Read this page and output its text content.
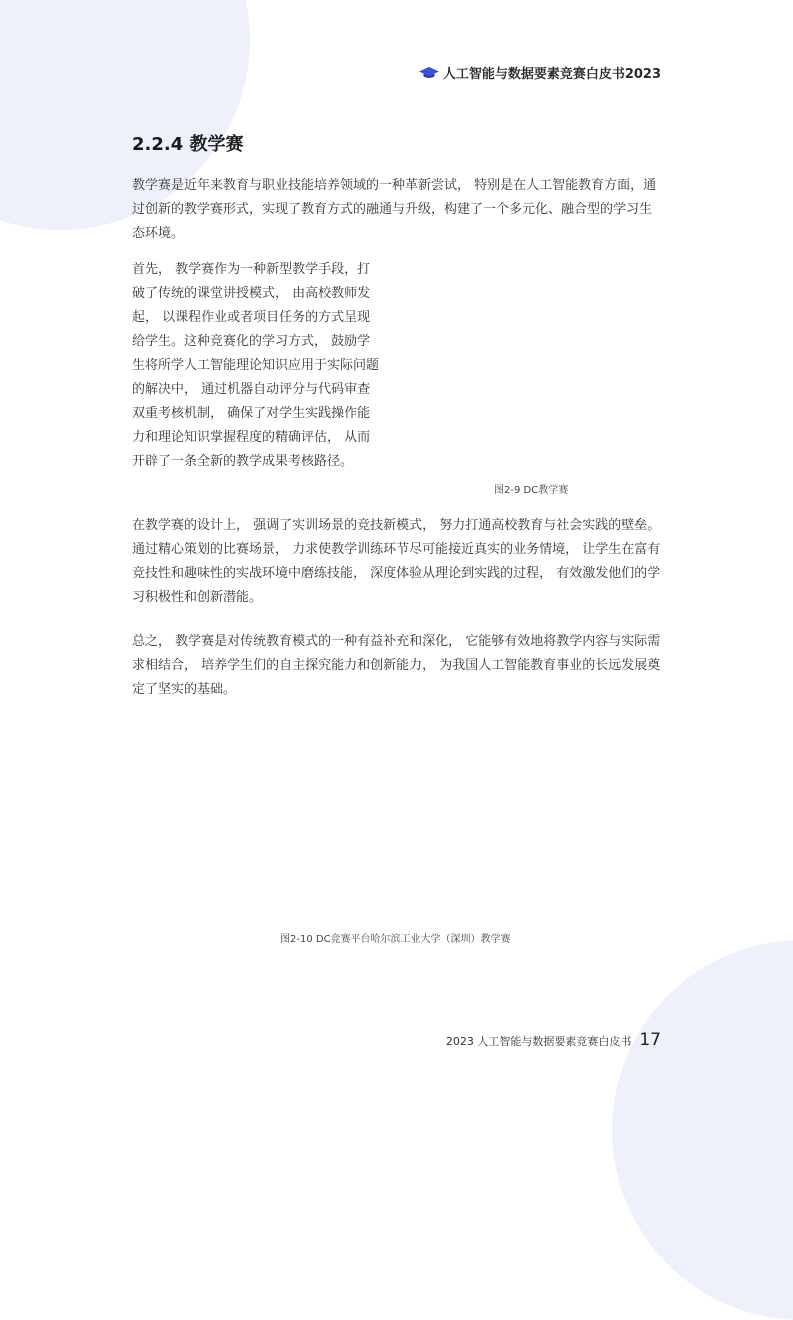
人工智能与数据要素竞赛白皮书2023
2.2.4 教学赛

教学赛是近年来教育与职业技能培养领域的一种革新尝试， 特别是在人工智能教育方面，通过创新的教学赛形式，实现了教育方式的融通与升级，构建了一个多元化、融合型的学习生态环境。

首先， 教学赛作为一种新型教学手段，打破了传统的课堂讲授模式， 由高校教师发起， 以课程作业或者项目任务的方式呈现给学生。这种竞赛化的学习方式， 鼓励学生将所学人工智能理论知识应用于实际问题的解决中， 通过机器自动评分与代码审查双重考核机制， 确保了对学生实践操作能力和理论知识掌握程度的精确评估， 从而开辟了一条全新的教学成果考核路径。

图2-9 DC教学赛

在教学赛的设计上， 强调了实训场景的竞技新模式， 努力打通高校教育与社会实践的壁垒。通过精心策划的比赛场景， 力求使教学训练环节尽可能接近真实的业务情境， 让学生在富有竞技性和趣味性的实战环境中磨练技能， 深度体验从理论到实践的过程， 有效激发他们的学习积极性和创新潜能。

总之， 教学赛是对传统教育模式的一种有益补充和深化， 它能够有效地将教学内容与实际需求相结合， 培养学生们的自主探究能力和创新能力， 为我国人工智能教育事业的长远发展奠定了坚实的基础。

图2-10 DC竞赛平台哈尔滨工业大学（深圳）教学赛
2023 人工智能与数据要素竞赛白皮书 17
